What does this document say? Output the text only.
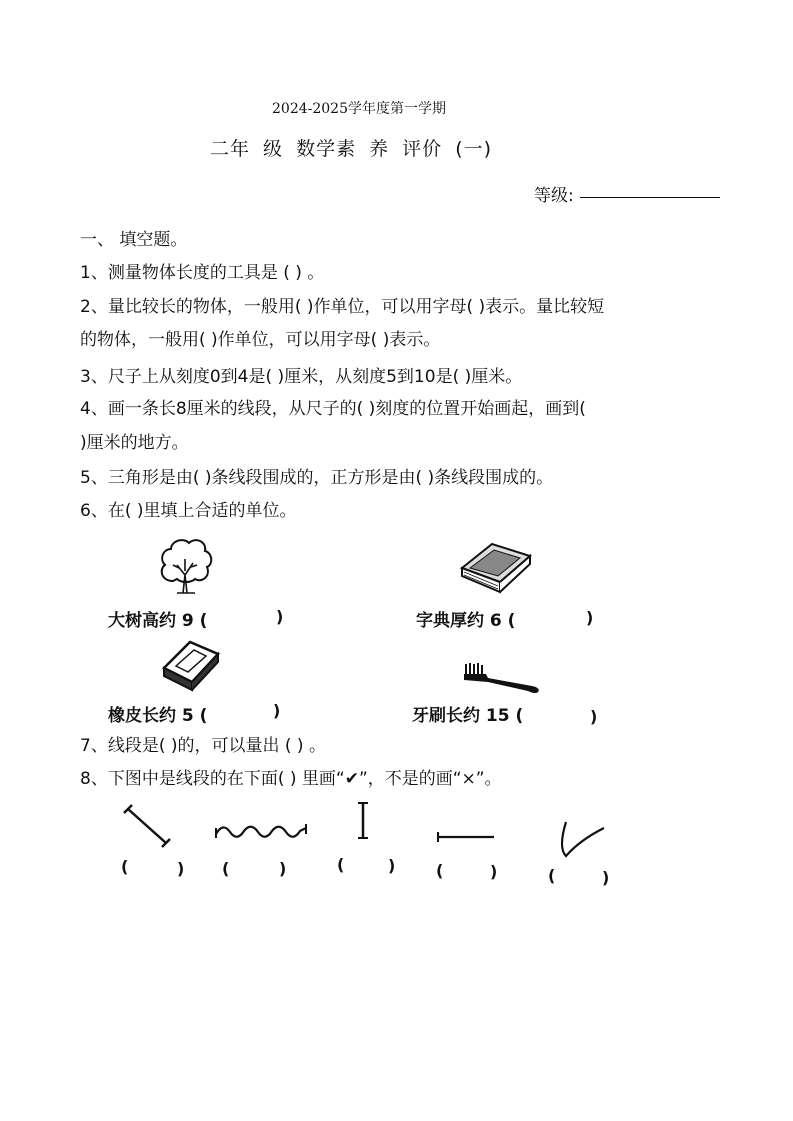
2024-2025学年度第一学期
二年 级 数学素 养 评价 (一)
等级:
一、 填空题。
1、测量物体长度的工具是 ( ) 。
2、量比较长的物体，一般用( )作单位，可以用字母( )表示。量比较短
的物体，一般用( )作单位，可以用字母( )表示。
3、尺子上从刻度0到4是( )厘米，从刻度5到10是( )厘米。
4、画一条长8厘米的线段，从尺子的( )刻度的位置开始画起，画到(
)厘米的地方。
5、三角形是由( )条线段围成的，正方形是由( )条线段围成的。
6、在( )里填上合适的单位。
大树高约 9 (	)	字典厚约 6 (	)
橡皮长约 5 (	)	牙刷长约 15 (	)
7、线段是( )的，可以量出 ( ) 。
8、下图中是线段的在下面( ) 里画“✔”，不是的画“×”。
(	) (	)	(	)	(	)	(	)
